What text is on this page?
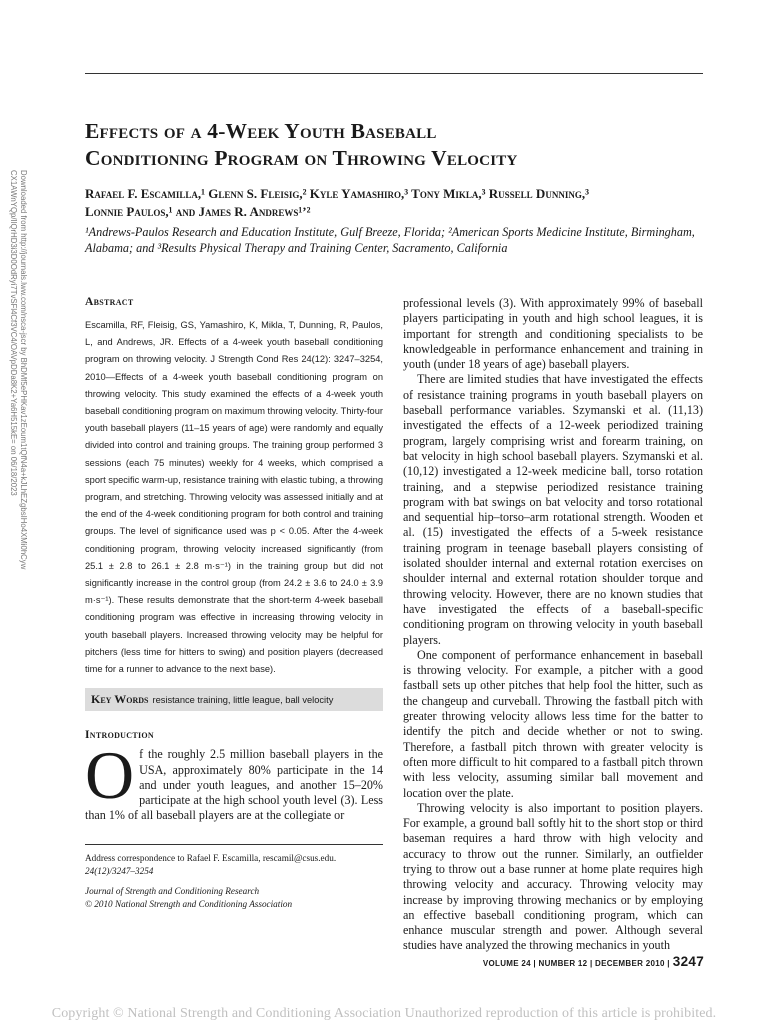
Downloaded from http://journals.lww.com/nsca-jscr by BhDMf5ePHKav1zEoum1tQfN4a+kJLhEZgbsIHo4XMi0hCyw
CX1AWnYQp/IlQrHD3i3D0OdRyi7TvSFl4Cf3VC4/OAVpDDa8K2+Ya6H515kE= on 06/18/2023
Effects of a 4-Week Youth Baseball
Conditioning Program on Throwing Velocity
Rafael F. Escamilla,¹ Glenn S. Fleisig,² Kyle Yamashiro,³ Tony Mikla,³ Russell Dunning,³
Lonnie Paulos,¹ and James R. Andrews¹ʼ²
¹Andrews-Paulos Research and Education Institute, Gulf Breeze, Florida; ²American Sports Medicine Institute, Birmingham, Alabama; and ³Results Physical Therapy and Training Center, Sacramento, California
Abstract

Escamilla, RF, Fleisig, GS, Yamashiro, K, Mikla, T, Dunning, R, Paulos, L, and Andrews, JR. Effects of a 4-week youth baseball conditioning program on throwing velocity. J Strength Cond Res 24(12): 3247–3254, 2010—Effects of a 4-week youth baseball conditioning program on throwing velocity. This study examined the effects of a 4-week youth baseball conditioning program on maximum throwing velocity. Thirty-four youth baseball players (11–15 years of age) were randomly and equally divided into control and training groups. The training group performed 3 sessions (each 75 minutes) weekly for 4 weeks, which comprised a sport specific warm-up, resistance training with elastic tubing, a throwing program, and stretching. Throwing velocity was assessed initially and at the end of the 4-week conditioning program for both control and training groups. The level of significance used was p < 0.05. After the 4-week conditioning program, throwing velocity increased significantly (from 25.1 ± 2.8 to 26.1 ± 2.8 m·s⁻¹) in the training group but did not significantly increase in the control group (from 24.2 ± 3.6 to 24.0 ± 3.9 m·s⁻¹). These results demonstrate that the short-term 4-week baseball conditioning program was effective in increasing throwing velocity in youth baseball players. Increased throwing velocity may be helpful for pitchers (less time for hitters to swing) and position players (decreased time for a runner to advance to the next base).

Key Words resistance training, little league, ball velocity
Introduction
Of the roughly 2.5 million baseball players in the USA, approximately 80% participate in the 14 and under youth leagues, and another 15–20% participate at the high school youth level (3). Less than 1% of all baseball players are at the collegiate or
Address correspondence to Rafael F. Escamilla, rescamil@csus.edu.
24(12)/3247–3254
Journal of Strength and Conditioning Research
© 2010 National Strength and Conditioning Association

professional levels (3). With approximately 99% of baseball players participating in youth and high school leagues, it is important for strength and conditioning specialists to be knowledgeable in performance enhancement and training in youth (under 18 years of age) baseball players.

There are limited studies that have investigated the effects of resistance training programs in youth baseball players on baseball performance variables. Szymanski et al. (11,13) investigated the effects of a 12-week periodized training program, largely comprising wrist and forearm training, on bat velocity in high school baseball players. Szymanski et al. (10,12) investigated a 12-week medicine ball, torso rotation training, and a stepwise periodized resistance training program with bat swings on bat velocity and torso rotational and sequential hip–torso–arm rotational strength. Wooden et al. (15) investigated the effects of a 5-week resistance training program in teenage baseball players consisting of isolated shoulder internal and external rotation exercises on shoulder internal and external rotation shoulder torque and throwing velocity. However, there are no known studies that have investigated the effects of a baseball-specific conditioning program on throwing velocity in youth baseball players.

One component of performance enhancement in baseball is throwing velocity. For example, a pitcher with a good fastball sets up other pitches that help fool the hitter, such as the changeup and curveball. Throwing the fastball pitch with greater throwing velocity allows less time for the batter to identify the pitch and decide whether or not to swing. Therefore, a fastball pitch thrown with greater velocity is often more difficult to hit compared to a fastball pitch thrown with less velocity, assuming similar ball movement and location over the plate.

Throwing velocity is also important to position players. For example, a ground ball softly hit to the short stop or third baseman requires a hard throw with high velocity and accuracy to throw out the runner. Similarly, an outfielder trying to throw out a base runner at home plate requires high throwing velocity and accuracy. Throwing velocity may increase by improving throwing mechanics or by employing an effective baseball conditioning program, which can enhance muscular strength and power. Although several studies have analyzed the throwing mechanics in youth

VOLUME 24 | NUMBER 12 | DECEMBER 2010 | 3247
Copyright © National Strength and Conditioning Association Unauthorized reproduction of this article is prohibited.
